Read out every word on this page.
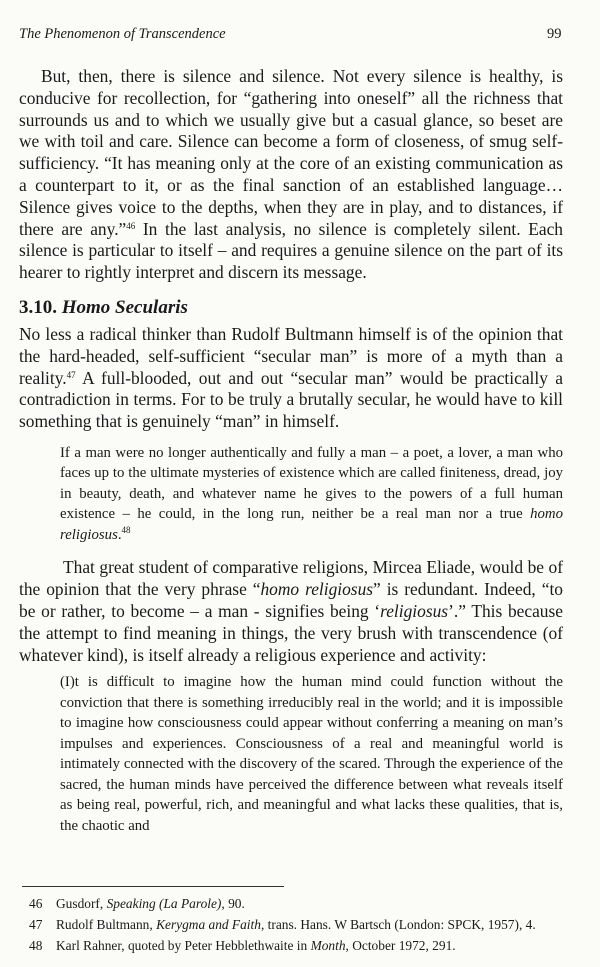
The Phenomenon of Transcendence	99

But, then, there is silence and silence. Not every silence is healthy, is conducive for recollection, for “gathering into oneself” all the richness that surrounds us and to which we usually give but a casual glance, so beset are we with toil and care. Silence can become a form of closeness, of smug self-sufficiency. “It has meaning only at the core of an existing communication as a counterpart to it, or as the final sanction of an established language… Silence gives voice to the depths, when they are in play, and to distances, if there are any.”$^{46}$ In the last analysis, no silence is completely silent. Each silence is particular to itself – and requires a genuine silence on the part of its hearer to rightly interpret and discern its message.

3.10. Homo Secularis

No less a radical thinker than Rudolf Bultmann himself is of the opinion that the hard-headed, self-sufficient “secular man” is more of a myth than a reality.$^{47}$ A full-blooded, out and out “secular man” would be practically a contradiction in terms. For to be truly a brutally secular, he would have to kill something that is genuinely “man” in himself.

If a man were no longer authentically and fully a man – a poet, a lover, a man who faces up to the ultimate mysteries of existence which are called finiteness, dread, joy in beauty, death, and whatever name he gives to the powers of a full human existence – he could, in the long run, neither be a real man nor a true homo religiosus.$^{48}$

That great student of comparative religions, Mircea Eliade, would be of the opinion that the very phrase “homo religiosus” is redundant. Indeed, “to be or rather, to become – a man - signifies being ‘religiosus’.” This because the attempt to find meaning in things, the very brush with transcendence (of whatever kind), is itself already a religious experience and activity:

(I)t is difficult to imagine how the human mind could function without the conviction that there is something irreducibly real in the world; and it is impossible to imagine how consciousness could appear without conferring a meaning on man’s impulses and experiences. Consciousness of a real and meaningful world is intimately connected with the discovery of the scared. Through the experience of the sacred, the human minds have perceived the difference between what reveals itself as being real, powerful, rich, and meaningful and what lacks these qualities, that is, the chaotic and
46 Gusdorf, Speaking (La Parole), 90.
47 Rudolf Bultmann, Kerygma and Faith, trans. Hans. W Bartsch (London: SPCK, 1957), 4.
48 Karl Rahner, quoted by Peter Hebblethwaite in Month, October 1972, 291.
